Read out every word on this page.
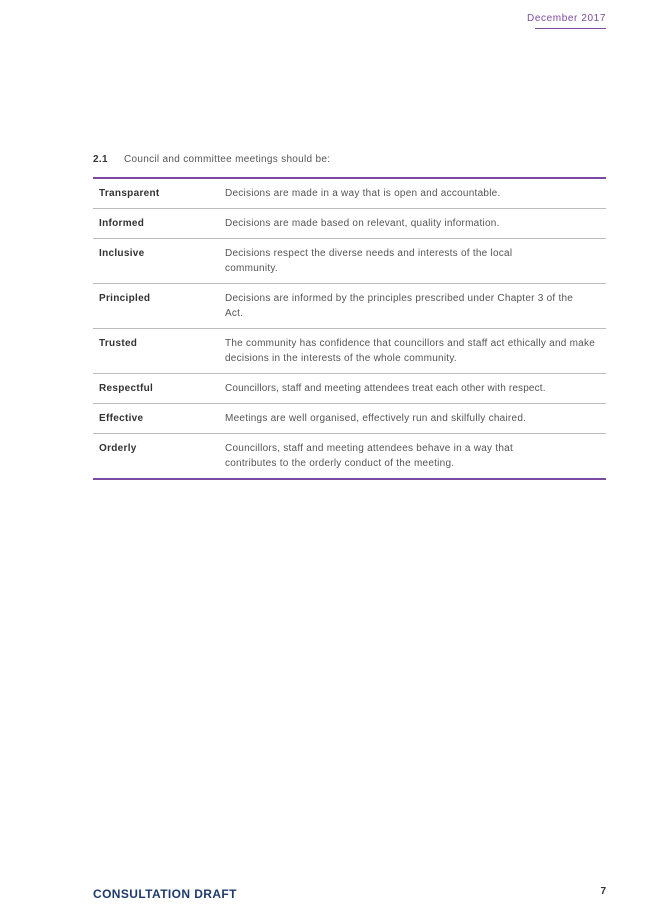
December 2017
2.1 Council and committee meetings should be:
Transparent	Decisions are made in a way that is open and accountable.
Informed	Decisions are made based on relevant, quality information.
Inclusive	Decisions respect the diverse needs and interests of the local community.

Principled	Decisions are informed by the principles prescribed under Chapter 3 of the Act.

Trusted	The community has confidence that councillors and staff act ethically and make decisions in the interests of the whole community.
Respectful	Councillors, staff and meeting attendees treat each other with respect.
Effective	Meetings are well organised, effectively run and skilfully chaired.
Orderly	Councillors, staff and meeting attendees behave in a way that contributes to the orderly conduct of the meeting.
CONSULTATION DRAFT	7
